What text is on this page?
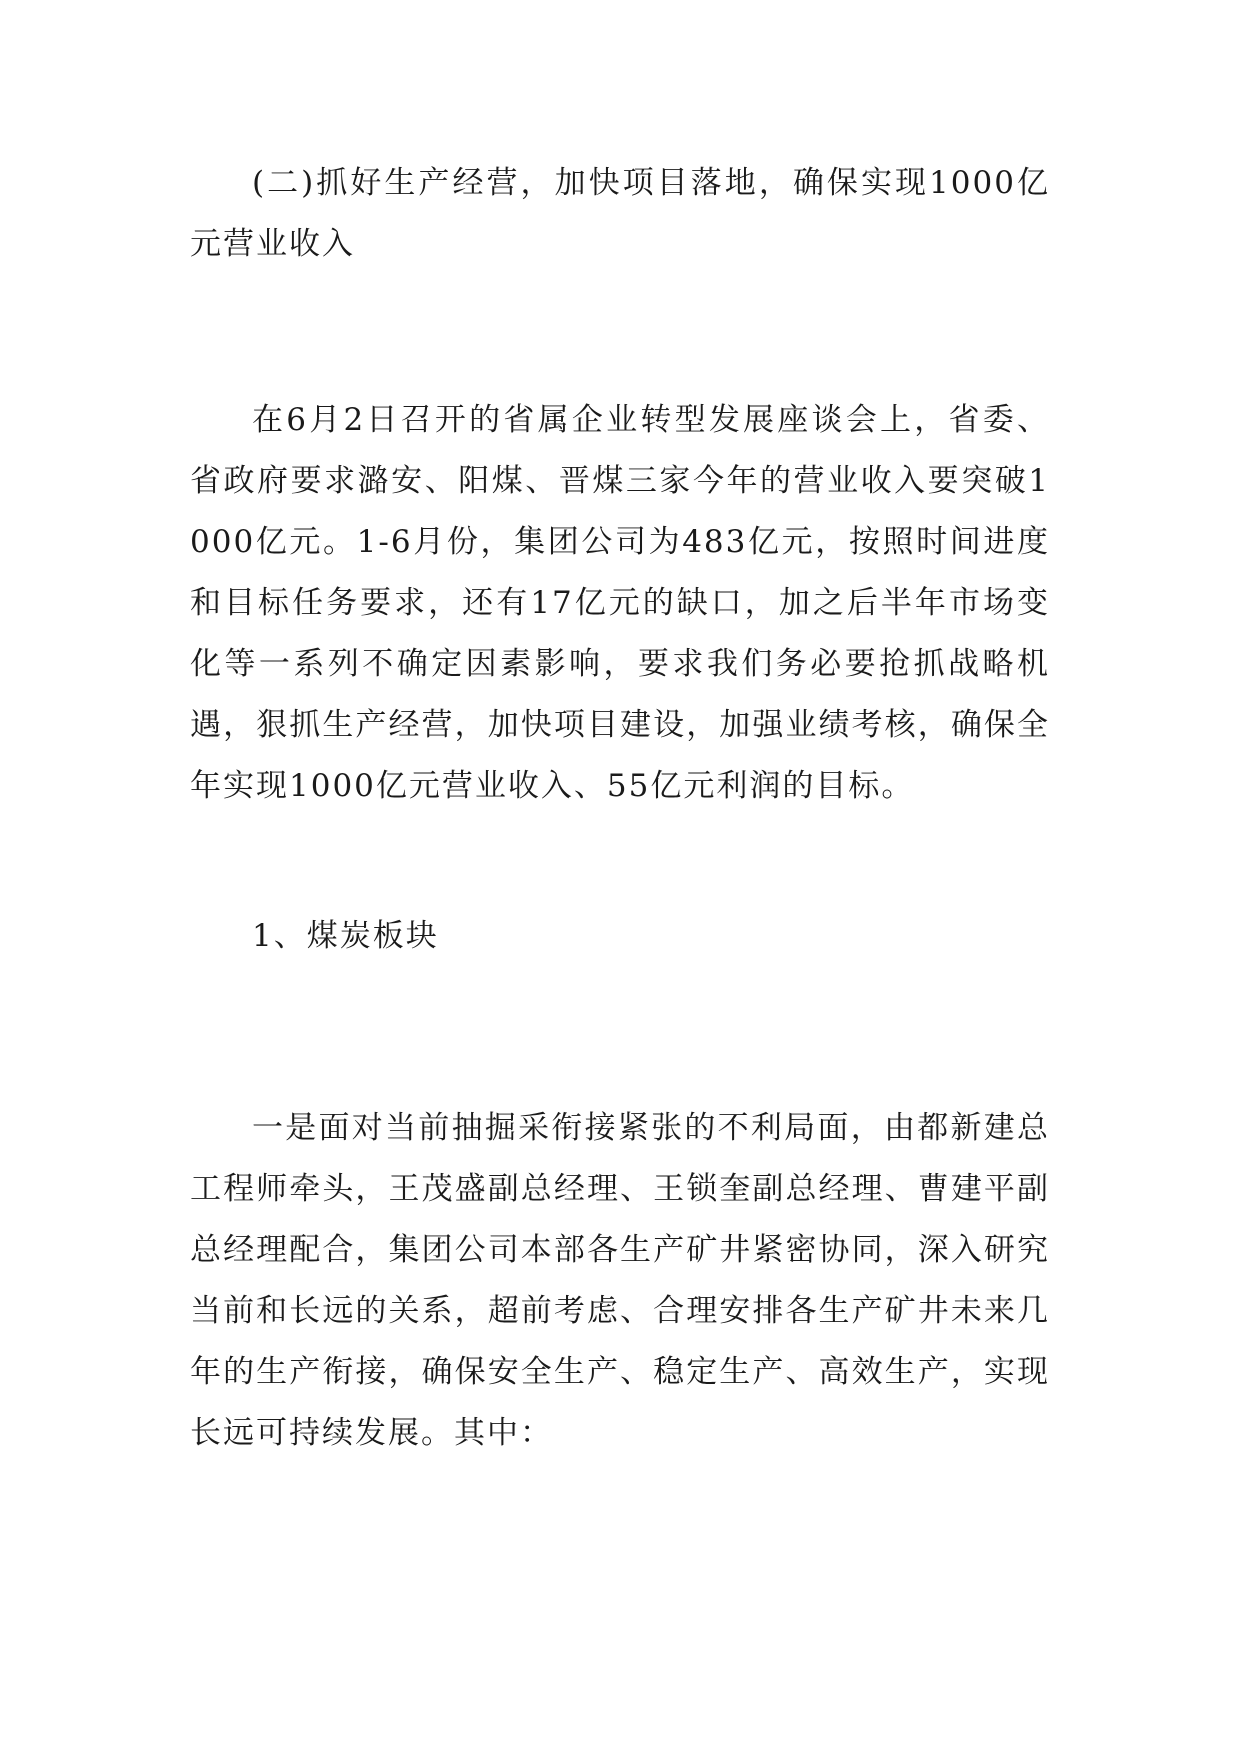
(二)抓好生产经营，加快项目落地，确保实现1000亿元营业收入

在6月2日召开的省属企业转型发展座谈会上，省委、省政府要求潞安、阳煤、晋煤三家今年的营业收入要突破1000亿元。1-6月份，集团公司为483亿元，按照时间进度和目标任务要求，还有17亿元的缺口，加之后半年市场变化等一系列不确定因素影响，要求我们务必要抢抓战略机遇，狠抓生产经营，加快项目建设，加强业绩考核，确保全年实现1000亿元营业收入、55亿元利润的目标。

1、煤炭板块

一是面对当前抽掘采衔接紧张的不利局面，由都新建总工程师牵头，王茂盛副总经理、王锁奎副总经理、曹建平副总经理配合，集团公司本部各生产矿井紧密协同，深入研究当前和长远的关系，超前考虑、合理安排各生产矿井未来几年的生产衔接，确保安全生产、稳定生产、高效生产，实现长远可持续发展。其中：
